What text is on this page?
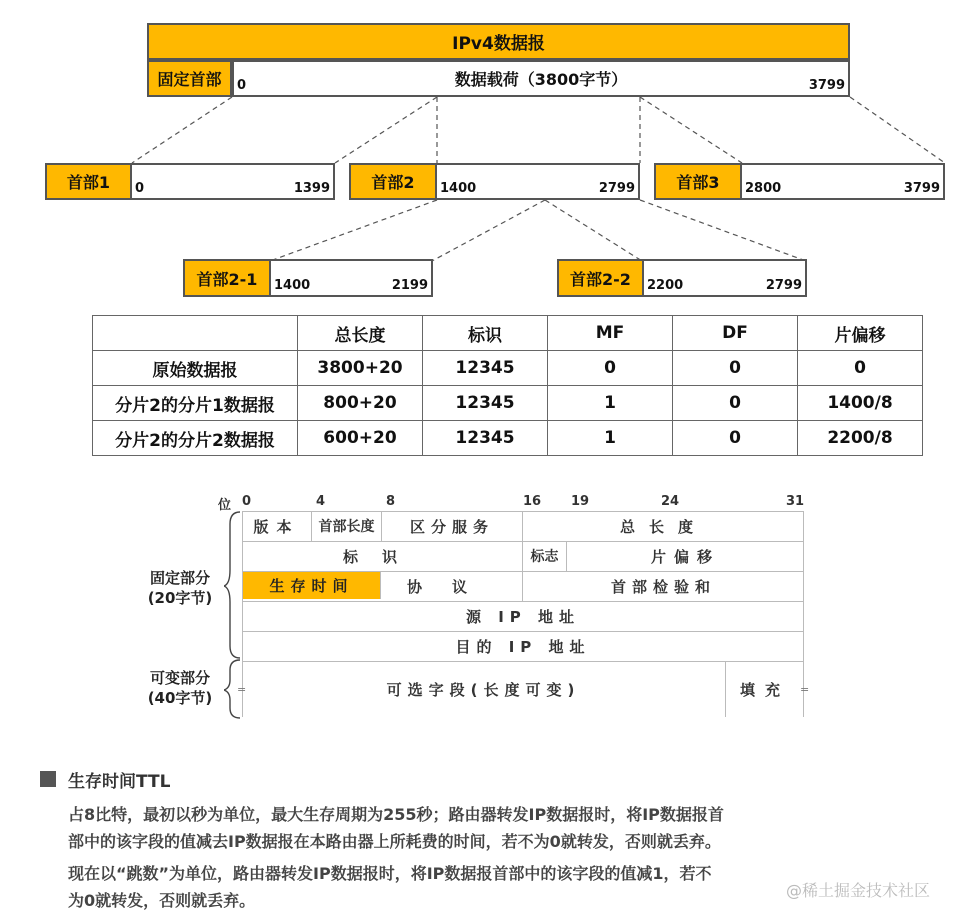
IPv4数据报
固定首部	数据载荷（3800字节）
0	3799
首部1	0	1399	首部2	1400	2799	首部3	2800	3799
首部2-1	1400	2199	首部2-2	2200	2799
	总长度	标识	MF	DF	片偏移
原始数据报	3800+20	12345	0	0	0
分片2的分片1数据报	800+20	12345	1	0	1400/8
分片2的分片2数据报	600+20	12345	1	0	2200/8
位 0	4	8	16 19	24	31
版本	首部长度	区分服务	总长度
标识	标志	片偏移
生存时间	协议	首部检验和
源 IP 地址
目的 IP 地址
可选字段(长度可变)	填充
=	=
固定部分
(20字节)
可变部分
(40字节)
生存时间TTL
占8比特，最初以秒为单位，最大生存周期为255秒；路由器转发IP数据报时，将IP数据报首
部中的该字段的值减去IP数据报在本路由器上所耗费的时间，若不为0就转发，否则就丢弃。
现在以“跳数”为单位，路由器转发IP数据报时，将IP数据报首部中的该字段的值减1，若不
为0就转发，否则就丢弃。
@稀土掘金技术社区
